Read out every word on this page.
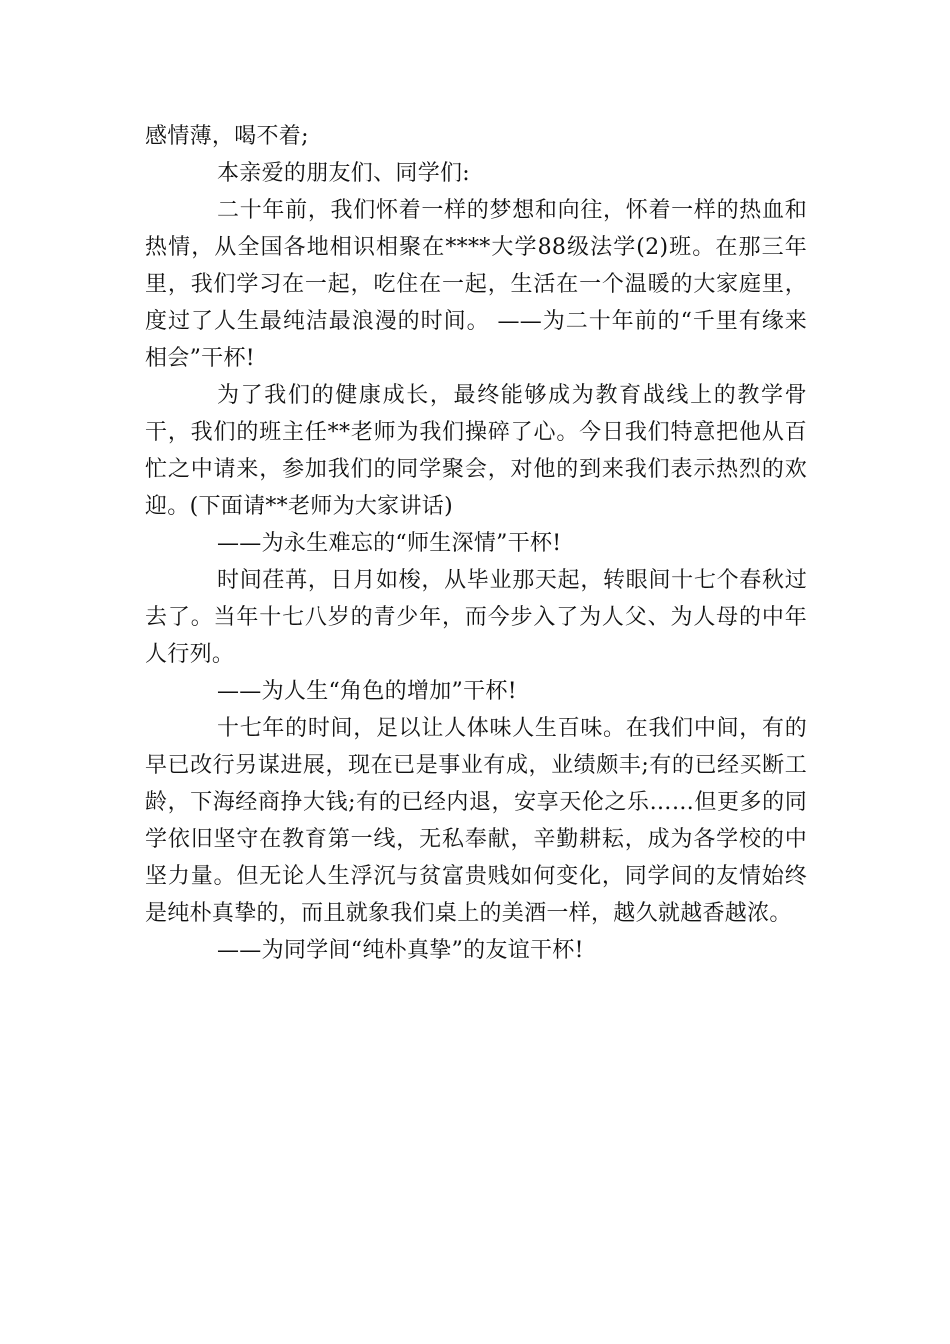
感情薄，喝不着;

本亲爱的朋友们、同学们:

二十年前，我们怀着一样的梦想和向往，怀着一样的热血和热情，从全国各地相识相聚在****大学88级法学(2)班。在那三年里，我们学习在一起，吃住在一起，生活在一个温暖的大家庭里，度过了人生最纯洁最浪漫的时间。 ——为二十年前的“千里有缘来相会”干杯!

为了我们的健康成长，最终能够成为教育战线上的教学骨干，我们的班主任**老师为我们操碎了心。今日我们特意把他从百忙之中请来，参加我们的同学聚会，对他的到来我们表示热烈的欢迎。(下面请**老师为大家讲话)

——为永生难忘的“师生深情”干杯!

时间荏苒，日月如梭，从毕业那天起，转眼间十七个春秋过去了。当年十七八岁的青少年，而今步入了为人父、为人母的中年人行列。

——为人生“角色的增加”干杯!

十七年的时间，足以让人体味人生百味。在我们中间，有的早已改行另谋进展，现在已是事业有成，业绩颇丰;有的已经买断工龄，下海经商挣大钱;有的已经内退，安享天伦之乐……但更多的同学依旧坚守在教育第一线，无私奉献，辛勤耕耘，成为各学校的中坚力量。但无论人生浮沉与贫富贵贱如何变化，同学间的友情始终是纯朴真挚的，而且就象我们桌上的美酒一样，越久就越香越浓。

——为同学间“纯朴真挚”的友谊干杯!
